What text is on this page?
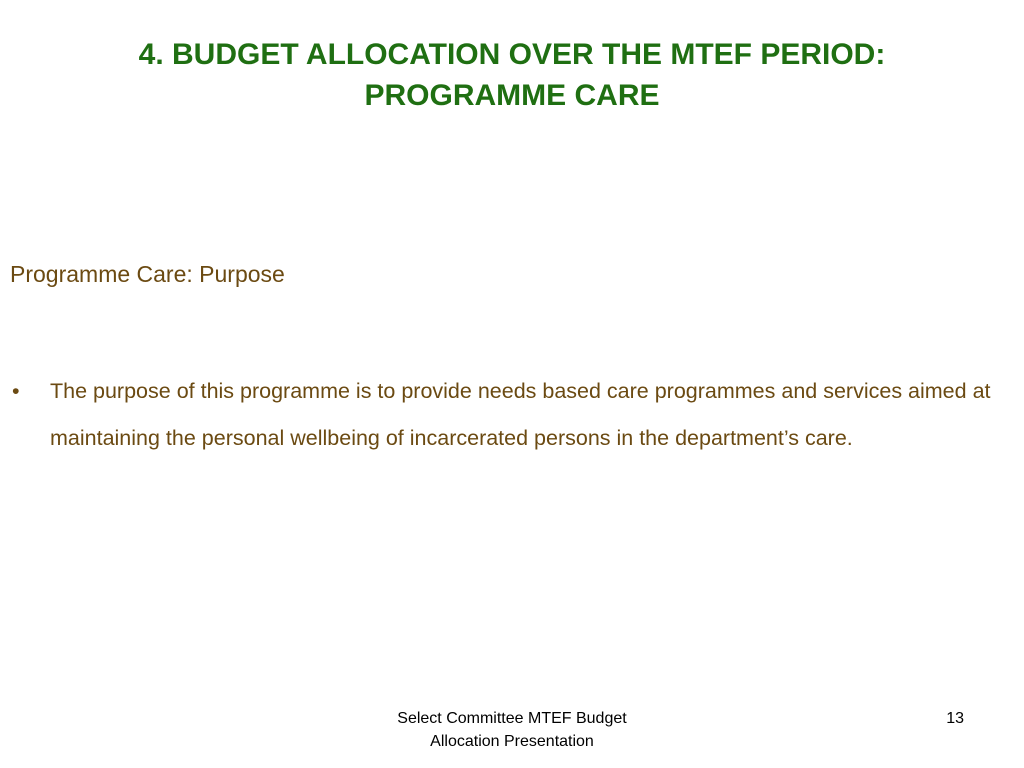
4. BUDGET ALLOCATION OVER THE MTEF PERIOD:
PROGRAMME CARE

Programme Care: Purpose

• The purpose of this programme is to provide needs based care programmes and services aimed at maintaining the personal wellbeing of incarcerated persons in the department’s care.
Select Committee MTEF Budget
Allocation Presentation
13
